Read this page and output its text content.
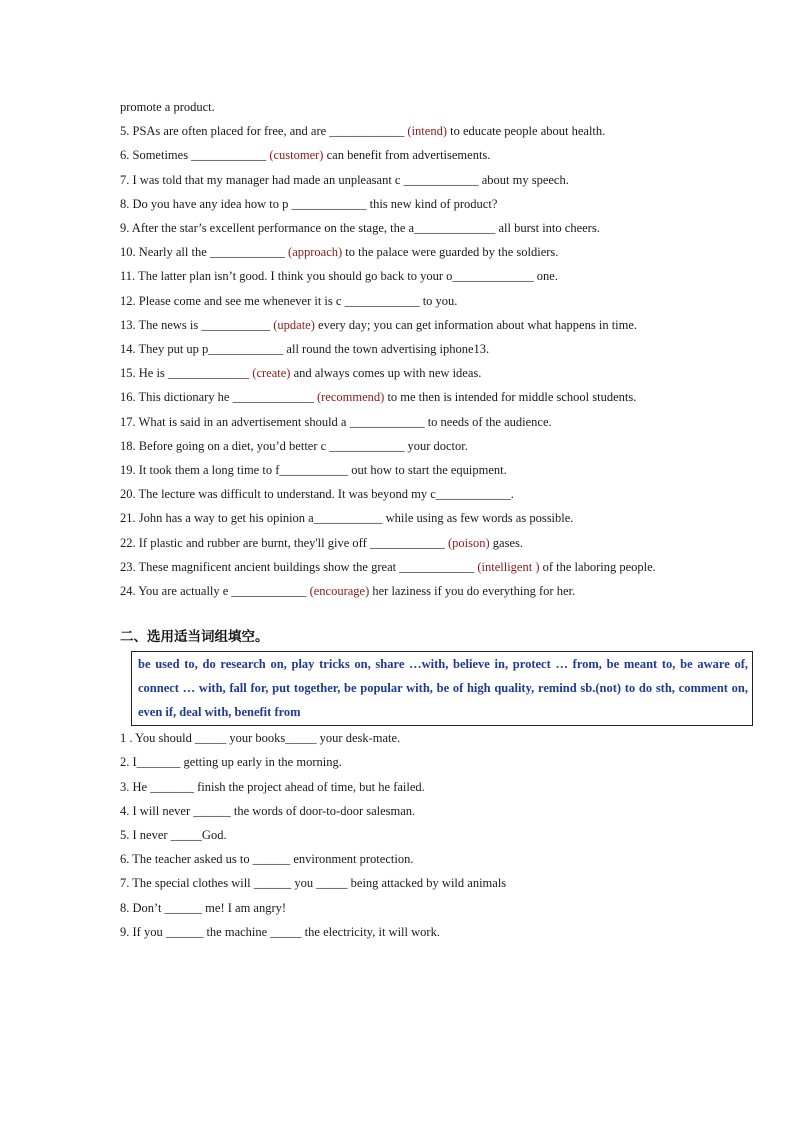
promote a product.
5. PSAs are often placed for free, and are ____________ (intend) to educate people about health.
6. Sometimes ____________ (customer) can benefit from advertisements.
7. I was told that my manager had made an unpleasant c ____________ about my speech.
8. Do you have any idea how to p ____________ this new kind of product?
9. After the star’s excellent performance on the stage, the a_____________ all burst into cheers.
10. Nearly all the ____________ (approach) to the palace were guarded by the soldiers.
11. The latter plan isn’t good. I think you should go back to your o_____________ one.
12. Please come and see me whenever it is c ____________ to you.
13. The news is ___________ (update) every day; you can get information about what happens in time.
14. They put up p____________ all round the town advertising iphone13.
15. He is _____________ (create) and always comes up with new ideas.
16. This dictionary he _____________ (recommend) to me then is intended for middle school students.
17. What is said in an advertisement should a ____________ to needs of the audience.
18. Before going on a diet, you’d better c ____________ your doctor.
19. It took them a long time to f___________ out how to start the equipment.
20. The lecture was difficult to understand. It was beyond my c____________.
21. John has a way to get his opinion a___________ while using as few words as possible.
22. If plastic and rubber are burnt, they'll give off ____________ (poison) gases.
23. These magnificent ancient buildings show the great ____________ (intelligent ) of the laboring people.
24. You are actually e ____________ (encourage) her laziness if you do everything for her.
二、选用适当词组填空。
be used to, do research on, play tricks on, share …with, believe in, protect … from, be meant to, be aware of, connect … with, fall for, put together, be popular with, be of high quality, remind sb.(not) to do sth, comment on, even if, deal with, benefit from
1 . You should _____ your books_____ your desk-mate.
2. I_______ getting up early in the morning.
3. He _______ finish the project ahead of time, but he failed.
4. I will never ______ the words of door-to-door salesman.
5. I never _____God.
6. The teacher asked us to ______ environment protection.
7. The special clothes will ______ you _____ being attacked by wild animals
8. Don’t ______ me! I am angry!
9. If you ______ the machine _____ the electricity, it will work.
